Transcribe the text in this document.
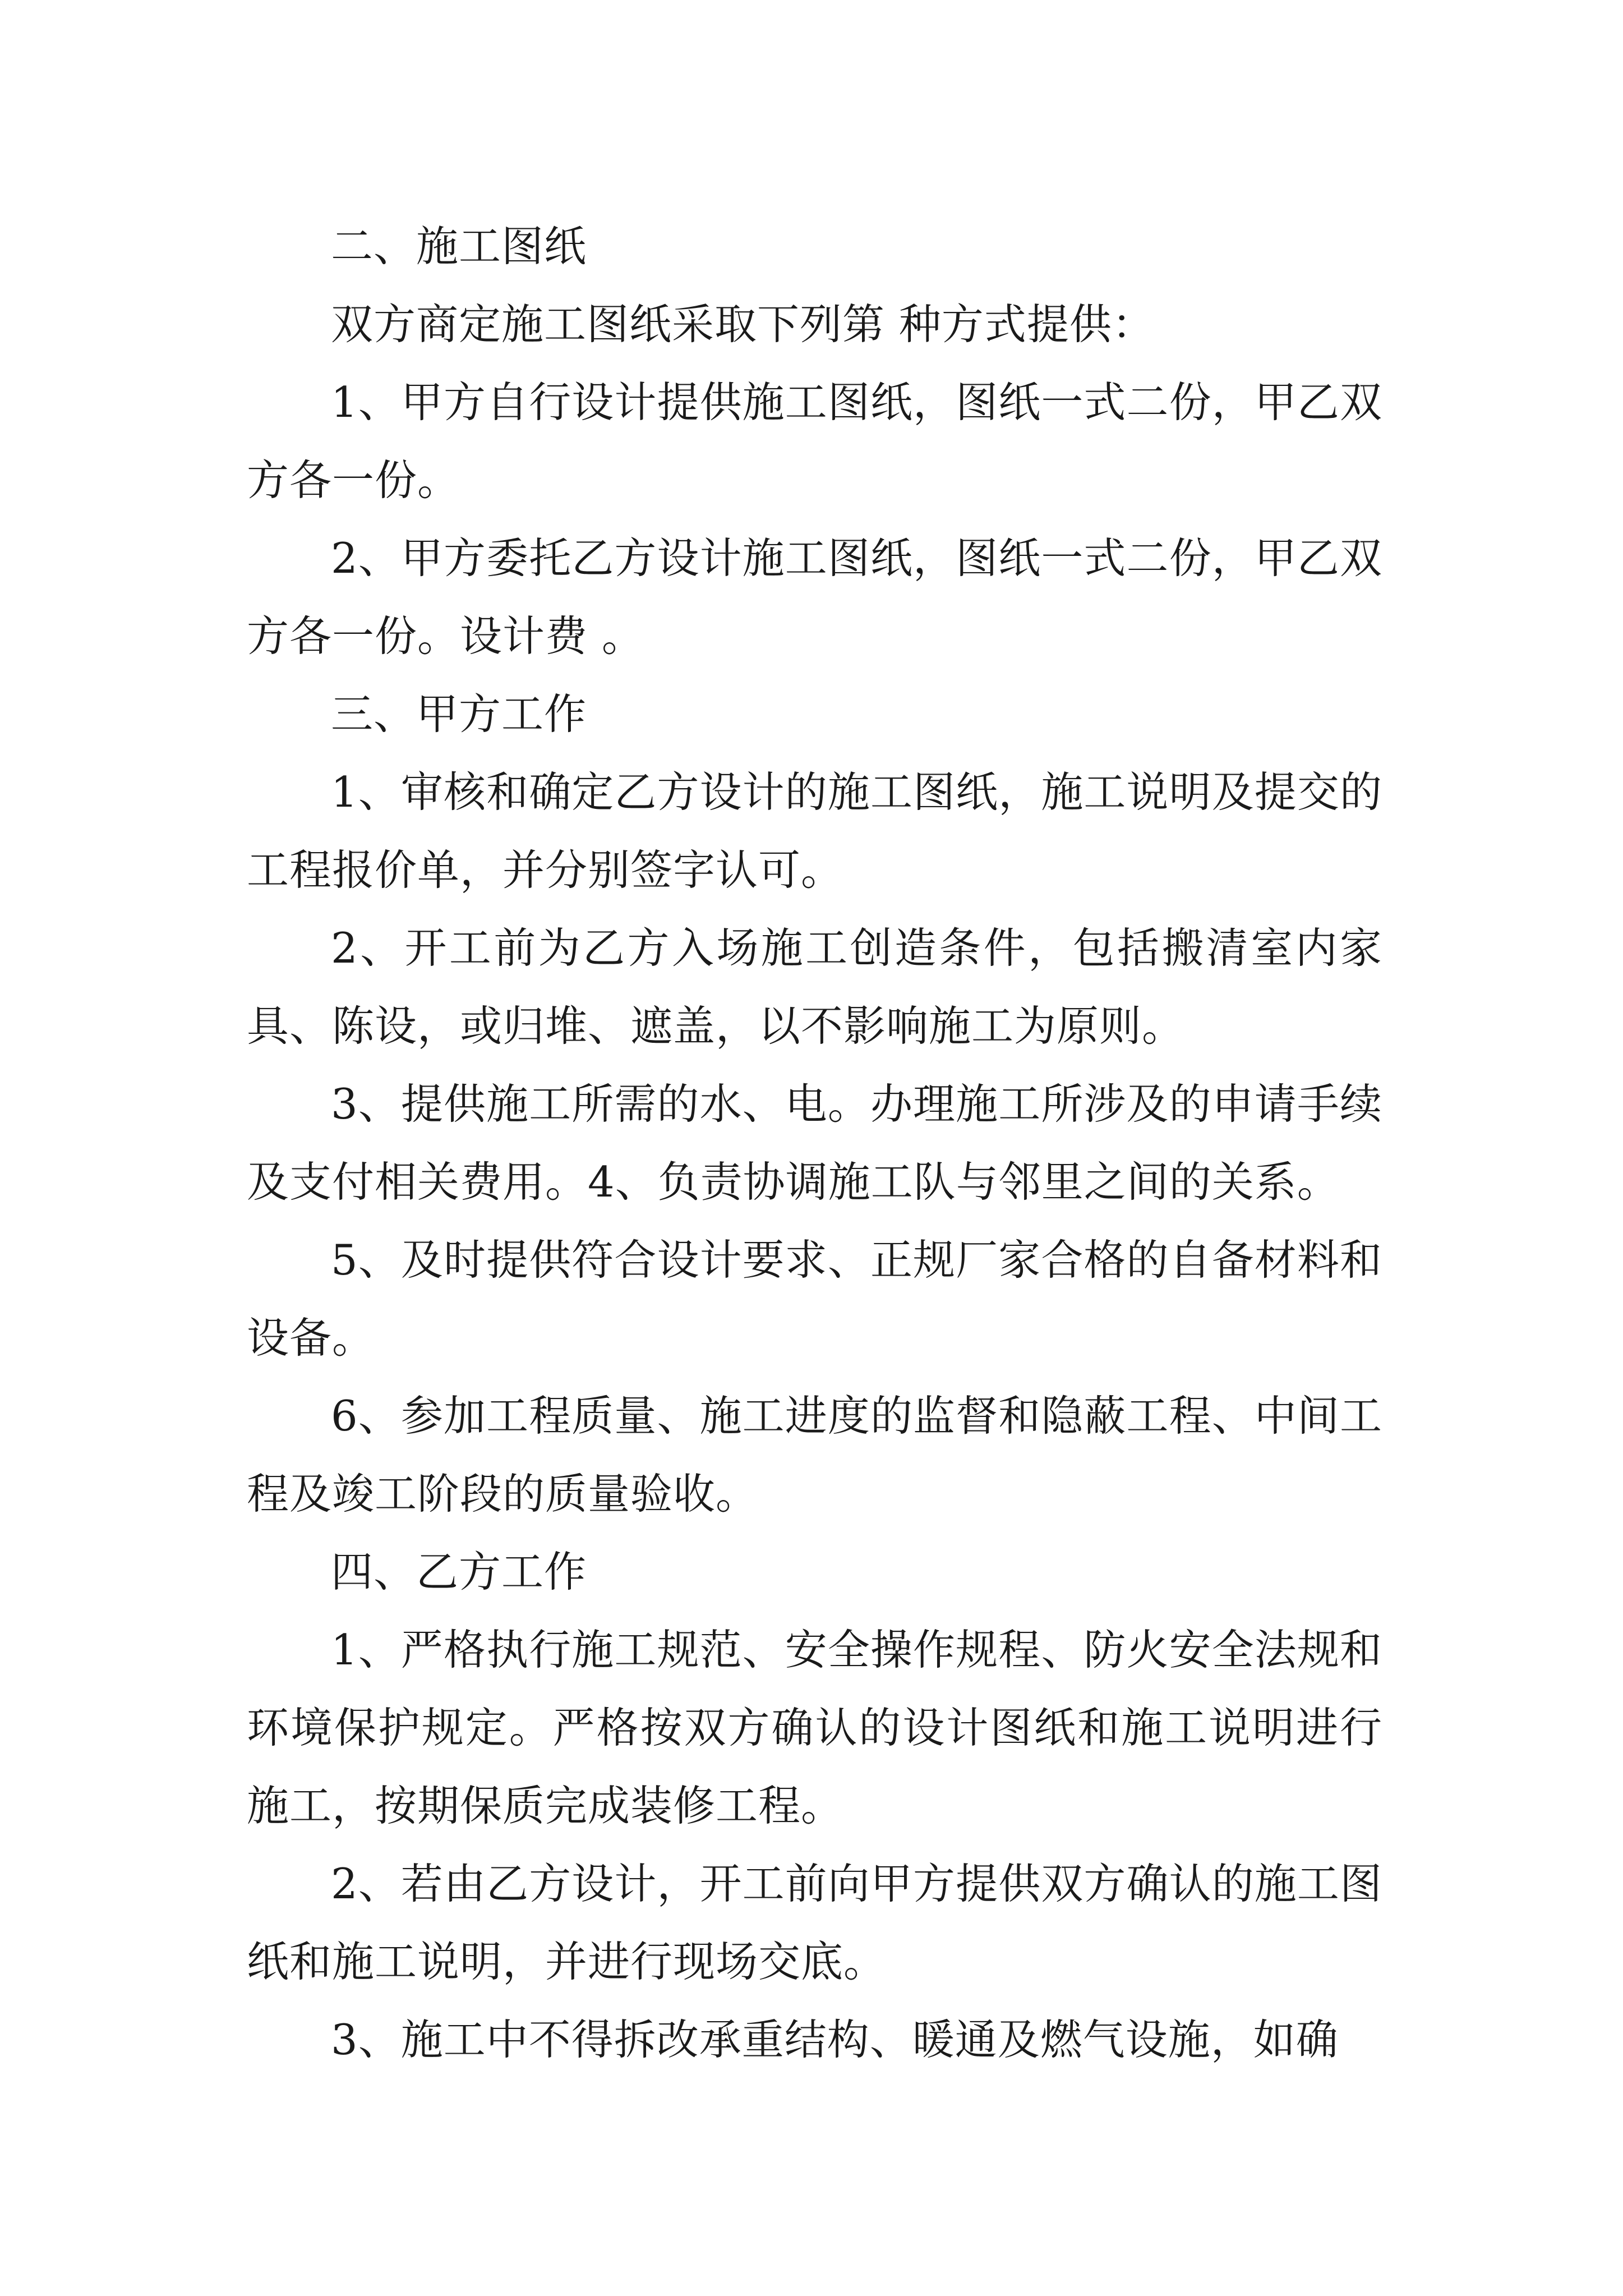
二、施工图纸

双方商定施工图纸采取下列第 种方式提供：

1、甲方自行设计提供施工图纸，图纸一式二份，甲乙双方各一份。

2、甲方委托乙方设计施工图纸，图纸一式二份，甲乙双方各一份。设计费 。

三、甲方工作

1、审核和确定乙方设计的施工图纸，施工说明及提交的工程报价单，并分别签字认可。

2、开工前为乙方入场施工创造条件，包括搬清室内家具、陈设，或归堆、遮盖，以不影响施工为原则。

3、提供施工所需的水、电。办理施工所涉及的申请手续及支付相关费用。4、负责协调施工队与邻里之间的关系。

5、及时提供符合设计要求、正规厂家合格的自备材料和设备。

6、参加工程质量、施工进度的监督和隐蔽工程、中间工程及竣工阶段的质量验收。

四、乙方工作

1、严格执行施工规范、安全操作规程、防火安全法规和环境保护规定。严格按双方确认的设计图纸和施工说明进行施工，按期保质完成装修工程。

2、若由乙方设计，开工前向甲方提供双方确认的施工图纸和施工说明，并进行现场交底。

3、施工中不得拆改承重结构、暖通及燃气设施，如确
